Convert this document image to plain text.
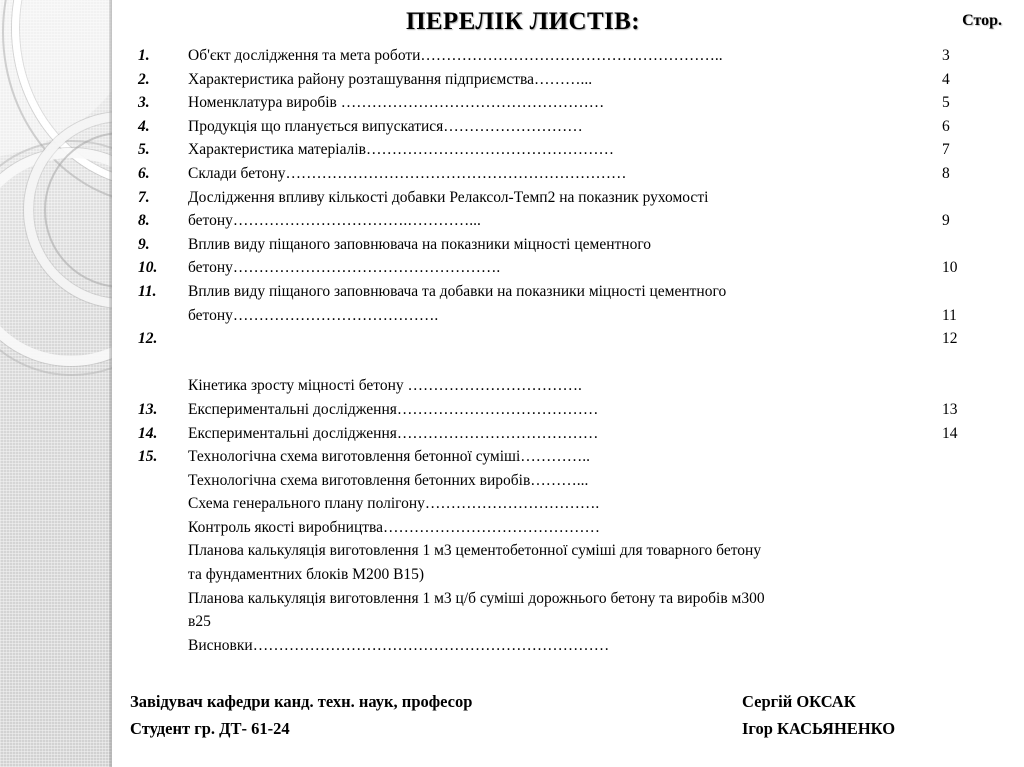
ПЕРЕЛІК ЛИСТІВ:	Стор.
1.	Об'єкт дослідження та мета роботи…………………………………………………..	3
2.	Характеристика району розташування підприємства………...	4
3.	Номенклатура виробів ……………………………………………	5
4.	Продукція що планується випускатися………………………	6
5.	Характеристика матеріалів…………………………………………	7
6.	Склади бетону…………………………………………………………	8
7.	Дослідження впливу кількості добавки Релаксол-Темп2 на показник рухомості
8.	бетону…………………………….…………...	9
9.	Вплив виду піщаного заповнювача на показники міцності цементного
10.	бетону…………………………………………….	10
11.	Вплив виду піщаного заповнювача та добавки на показники міцності цементного
бетону………………………………….	11
12.	12
Кінетика зросту міцності бетону …………………………….
13.	Експериментальні дослідження…………………………………	13
14.	Експериментальні дослідження…………………………………	14
15.	Технологічна схема виготовлення бетонної суміші…………..
Технологічна схема виготовлення бетонних виробів………...
Схема генерального плану полігону…………………………….
Контроль якості виробництва……………………………………
Планова калькуляція виготовлення 1 м3 цементобетонної суміші для товарного бетону
та фундаментних блоків М200 В15)
Планова калькуляція виготовлення 1 м3 ц/б суміші дорожнього бетону та виробів м300
в25
Висновки……………………………………………………………
Завідувач кафедри канд. техн. наук, професор	Сергій ОКСАК
Студент гр. ДТ- 61-24	Ігор КАСЬЯНЕНКО
